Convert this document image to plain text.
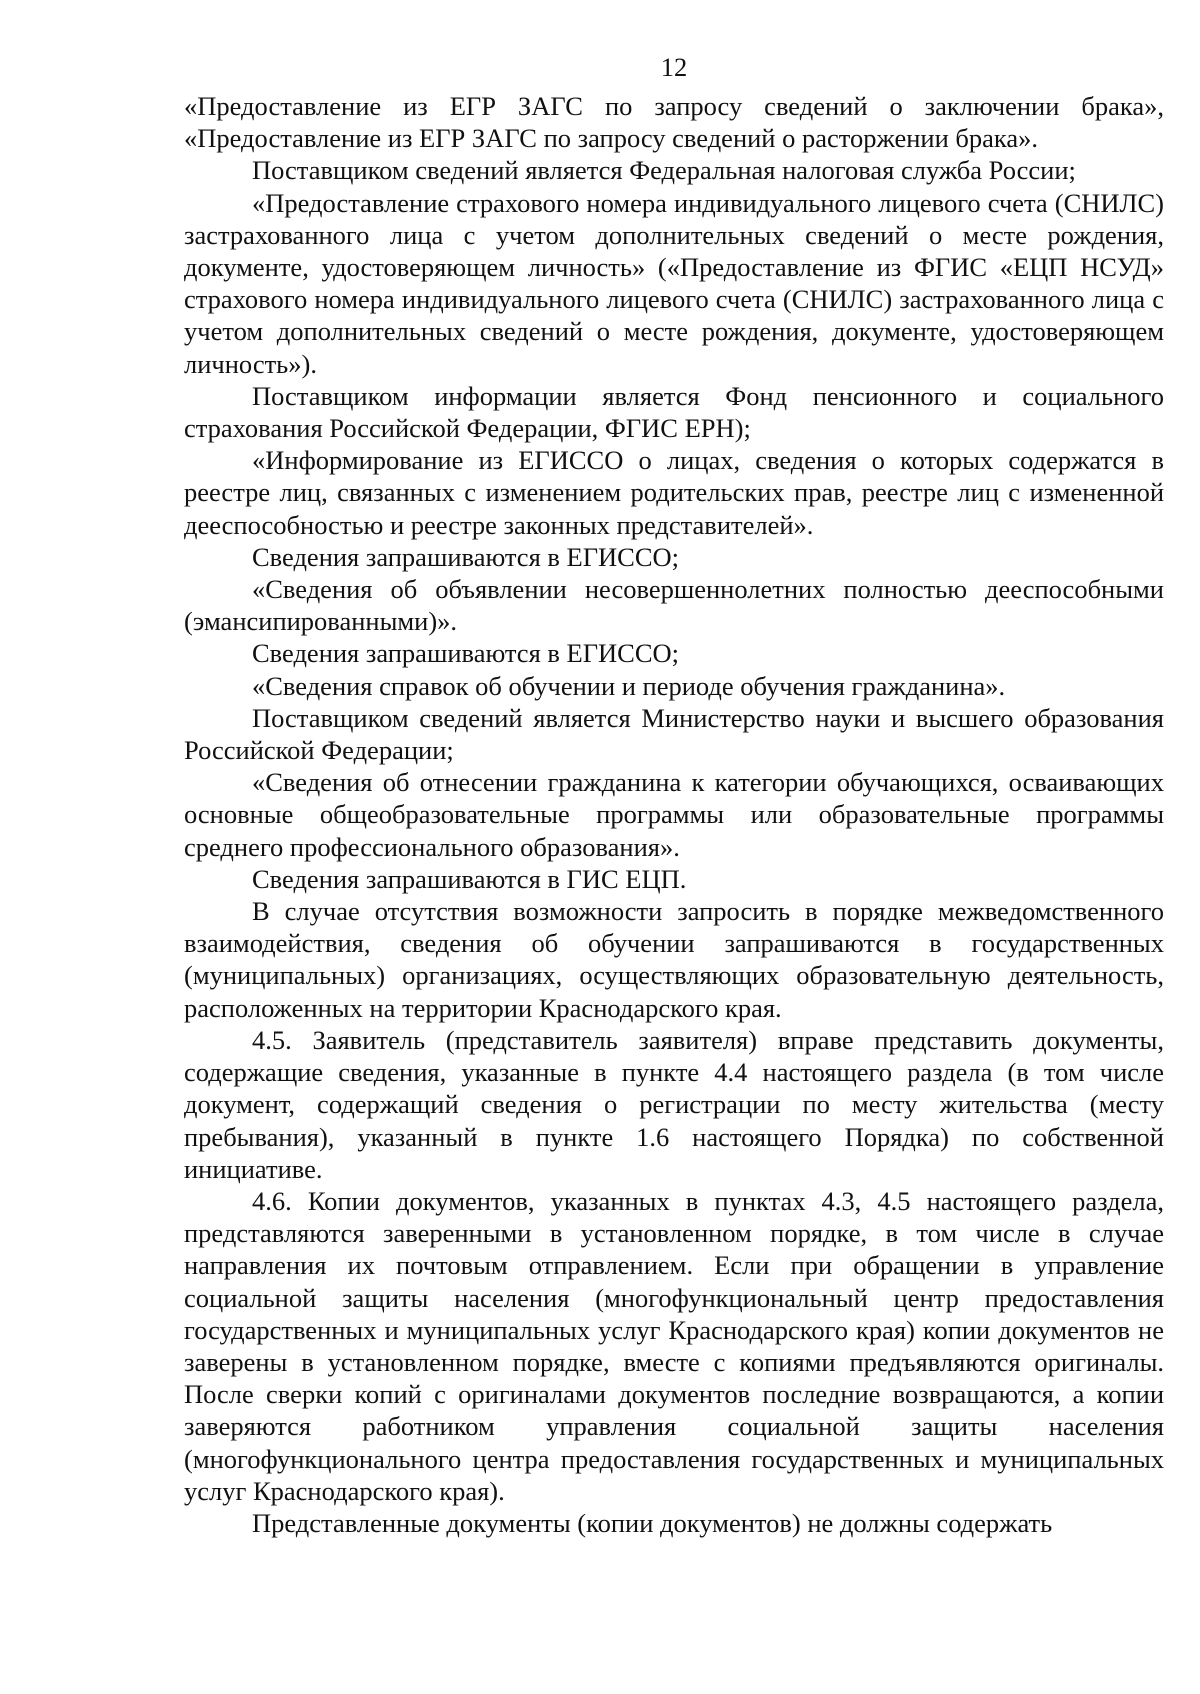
12

«Предоставление из ЕГР ЗАГС по запросу сведений о заключении брака», «Предоставление из ЕГР ЗАГС по запросу сведений о расторжении брака».

Поставщиком сведений является Федеральная налоговая служба России;

«Предоставление страхового номера индивидуального лицевого счета (СНИЛС) застрахованного лица с учетом дополнительных сведений о месте рождения, документе, удостоверяющем личность» («Предоставление из ФГИС «ЕЦП НСУД» страхового номера индивидуального лицевого счета (СНИЛС) застрахованного лица с учетом дополнительных сведений о месте рождения, документе, удостоверяющем личность»).

Поставщиком информации является Фонд пенсионного и социального страхования Российской Федерации, ФГИС ЕРН);

«Информирование из ЕГИССО о лицах, сведения о которых содержатся в реестре лиц, связанных с изменением родительских прав, реестре лиц с измененной дееспособностью и реестре законных представителей».

Сведения запрашиваются в ЕГИССО;

«Сведения об объявлении несовершеннолетних полностью дееспособными (эмансипированными)».

Сведения запрашиваются в ЕГИССО;

«Сведения справок об обучении и периоде обучения гражданина».

Поставщиком сведений является Министерство науки и высшего образования Российской Федерации;

«Сведения об отнесении гражданина к категории обучающихся, осваивающих основные общеобразовательные программы или образовательные программы среднего профессионального образования».

Сведения запрашиваются в ГИС ЕЦП.

В случае отсутствия возможности запросить в порядке межведомственного взаимодействия, сведения об обучении запрашиваются в государственных (муниципальных) организациях, осуществляющих образовательную деятельность, расположенных на территории Краснодарского края.

4.5. Заявитель (представитель заявителя) вправе представить документы, содержащие сведения, указанные в пункте 4.4 настоящего раздела (в том числе документ, содержащий сведения о регистрации по месту жительства (месту пребывания), указанный в пункте 1.6 настоящего Порядка) по собственной инициативе.

4.6. Копии документов, указанных в пунктах 4.3, 4.5 настоящего раздела, представляются заверенными в установленном порядке, в том числе в случае направления их почтовым отправлением. Если при обращении в управление социальной защиты населения (многофункциональный центр предоставления государственных и муниципальных услуг Краснодарского края) копии документов не заверены в установленном порядке, вместе с копиями предъявляются оригиналы. После сверки копий с оригиналами документов последние возвращаются, а копии заверяются работником управления социальной защиты населения (многофункционального центра предоставления государственных и муниципальных услуг Краснодарского края).

Представленные документы (копии документов) не должны содержать
